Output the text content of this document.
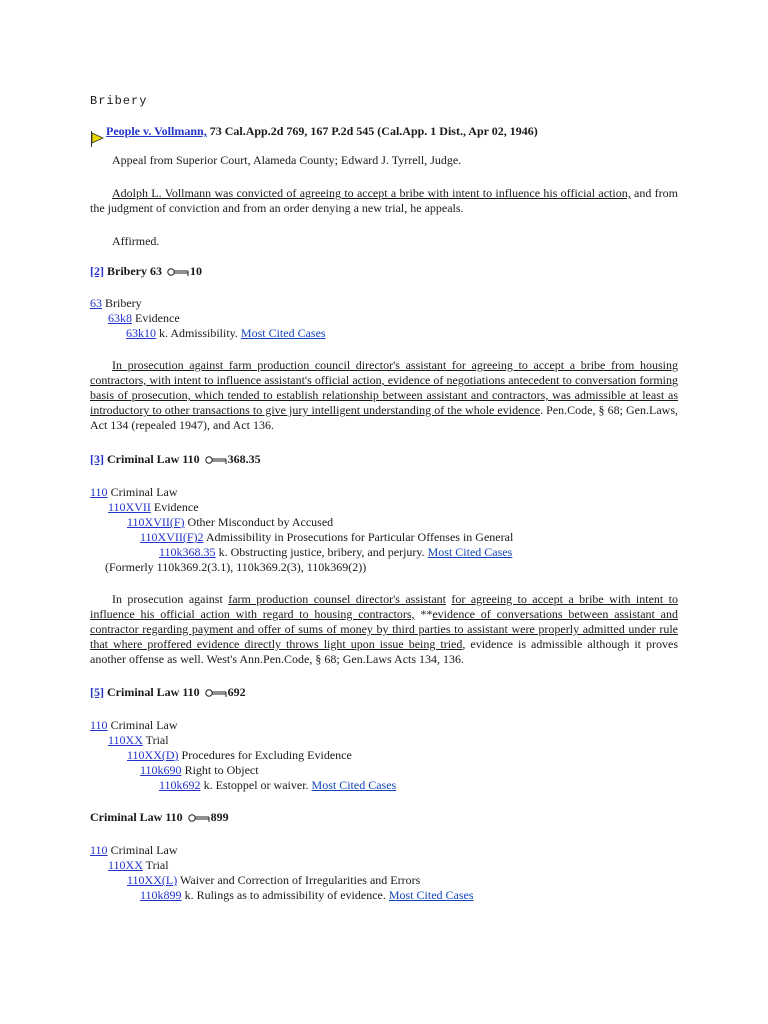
Bribery
People v. Vollmann, 73 Cal.App.2d 769, 167 P.2d 545 (Cal.App. 1 Dist., Apr 02, 1946)
Appeal from Superior Court, Alameda County; Edward J. Tyrrell, Judge.
Adolph L. Vollmann was convicted of agreeing to accept a bribe with intent to influence his official action, and from the judgment of conviction and from an order denying a new trial, he appeals.
Affirmed.
[2] Bribery 63 10
63 Bribery
63k8 Evidence
63k10 k. Admissibility. Most Cited Cases
In prosecution against farm production council director's assistant for agreeing to accept a bribe from housing contractors, with intent to influence assistant's official action, evidence of negotiations antecedent to conversation forming basis of prosecution, which tended to establish relationship between assistant and contractors, was admissible at least as introductory to other transactions to give jury intelligent understanding of the whole evidence. Pen.Code, § 68; Gen.Laws, Act 134 (repealed 1947), and Act 136.
[3] Criminal Law 110 368.35
110 Criminal Law
110XVII Evidence
110XVII(F) Other Misconduct by Accused
110XVII(F)2 Admissibility in Prosecutions for Particular Offenses in General
110k368.35 k. Obstructing justice, bribery, and perjury. Most Cited Cases
(Formerly 110k369.2(3.1), 110k369.2(3), 110k369(2))
In prosecution against farm production counsel director's assistant for agreeing to accept a bribe with intent to influence his official action with regard to housing contractors, **evidence of conversations between assistant and contractor regarding payment and offer of sums of money by third parties to assistant were properly admitted under rule that where proffered evidence directly throws light upon issue being tried, evidence is admissible although it proves another offense as well. West's Ann.Pen.Code, § 68; Gen.Laws Acts 134, 136.
[5] Criminal Law 110 692
110 Criminal Law
110XX Trial
110XX(D) Procedures for Excluding Evidence
110k690 Right to Object
110k692 k. Estoppel or waiver. Most Cited Cases
Criminal Law 110 899
110 Criminal Law
110XX Trial
110XX(L) Waiver and Correction of Irregularities and Errors
110k899 k. Rulings as to admissibility of evidence. Most Cited Cases
